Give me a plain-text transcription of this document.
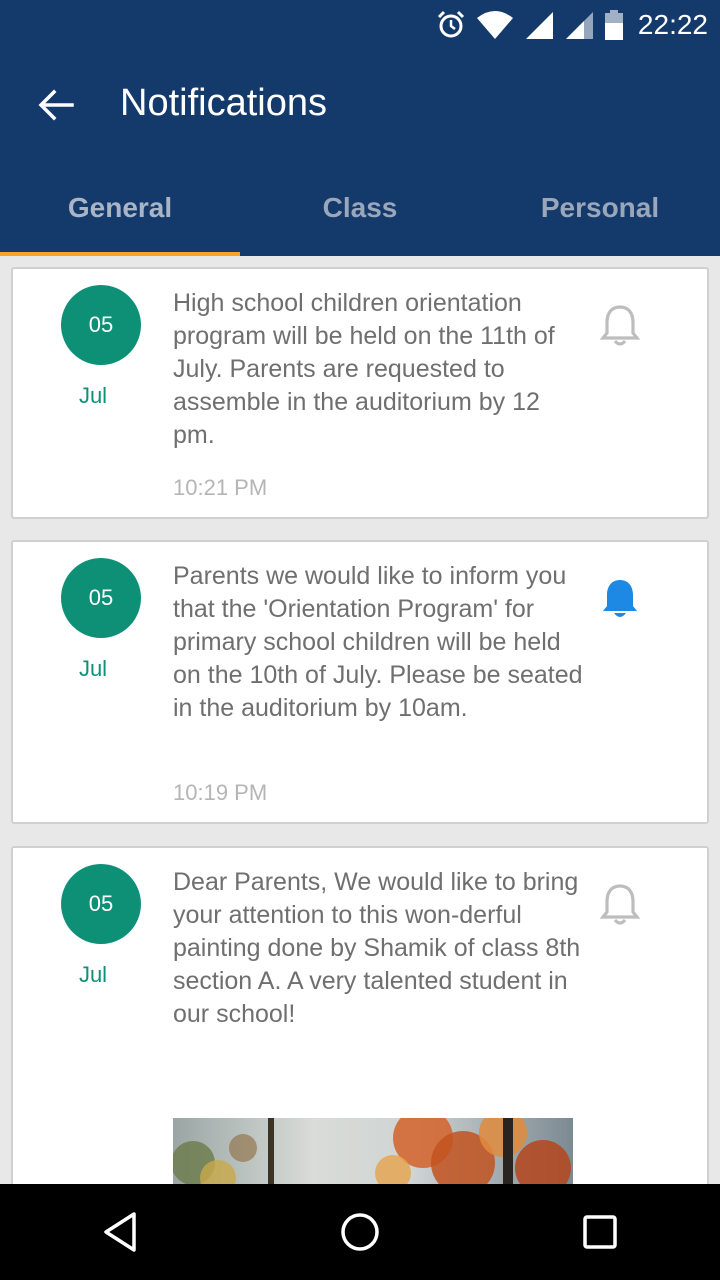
22:22
Notifications
General	Class	Personal
05
Jul
High school children orientation program will be held on the 11th of July. Parents are requested to assemble in the auditorium by 12 pm.
10:21 PM
05
Jul
Parents we would like to inform you that the 'Orientation Program' for primary school children will be held on the 10th of July. Please be seated in the auditorium by 10am.
10:19 PM
05
Jul
Dear Parents, We would like to bring your attention to this won-derful painting done by Shamik of class 8th section A. A very talented student in our school!
